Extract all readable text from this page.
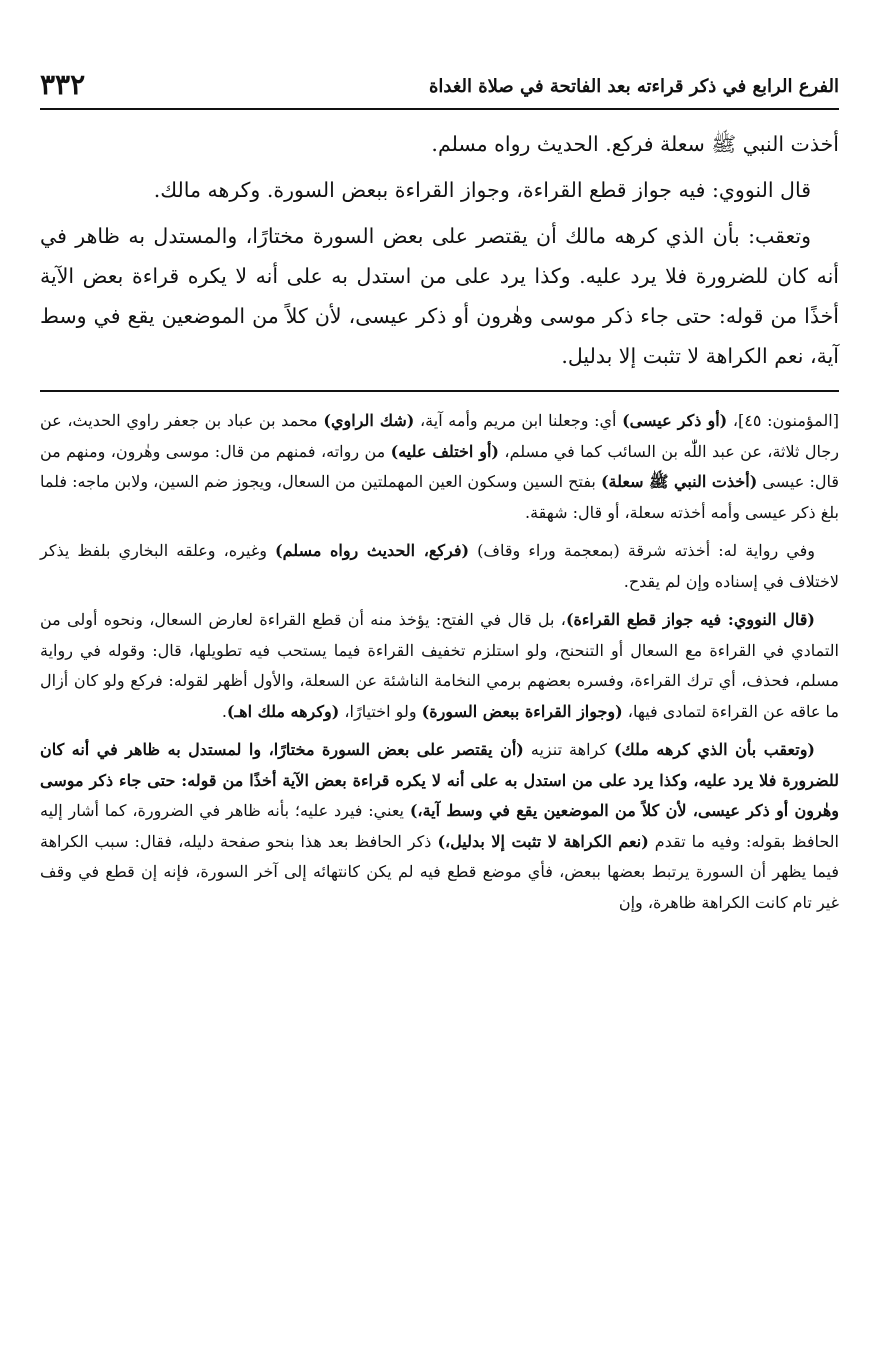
الفرع الرابع في ذكر قراءته بعد الفاتحة في صلاة الغداة
٣٣٢

أخذت النبي ﷺ سعلة فركع. الحديث رواه مسلم.

قال النووي: فيه جواز قطع القراءة، وجواز القراءة ببعض السورة. وكرهه مالك.

وتعقب: بأن الذي كرهه مالك أن يقتصر على بعض السورة مختارًا، والمستدل به ظاهر في أنه كان للضرورة فلا يرد عليه. وكذا يرد على من استدل به على أنه لا يكره قراءة بعض الآية أخذًا من قوله: حتى جاء ذكر موسى وهٰرون أو ذكر عيسى، لأن كلاً من الموضعين يقع في وسط آية، نعم الكراهة لا تثبت إلا بدليل.

[المؤمنون: ٤٥]، (أو ذكر عيسى) أي: وجعلنا ابن مريم وأمه آية، (شك الراوي) محمد بن عباد بن جعفر راوي الحديث، عن رجال ثلاثة، عن عبد اللّٰه بن السائب كما في مسلم، (أو اختلف عليه) من رواته، فمنهم من قال: موسى وهٰرون، ومنهم من قال: عيسى (أخذت النبي ﷺ سعلة) بفتح السين وسكون العين المهملتين من السعال، ويجوز ضم السين، ولابن ماجه: فلما بلغ ذكر عيسى وأمه أخذته سعلة، أو قال: شهقة.

وفي رواية له: أخذته شرقة (بمعجمة وراء وقاف) (فركع، الحديث رواه مسلم) وغيره، وعلقه البخاري بلفظ يذكر لاختلاف في إسناده وإن لم يقدح.

(قال النووي: فيه جواز قطع القراءة)، بل قال في الفتح: يؤخذ منه أن قطع القراءة لعارض السعال، ونحوه أولى من التمادي في القراءة مع السعال أو التنحنح، ولو استلزم تخفيف القراءة فيما يستحب فيه تطويلها، قال: وقوله في رواية مسلم، فحذف، أي ترك القراءة، وفسره بعضهم برمي النخامة الناشئة عن السعلة، والأول أظهر لقوله: فركع ولو كان أزال ما عاقه عن القراءة لتمادى فيها، (وجواز القراءة ببعض السورة) ولو اختيارًا، (وكرهه ملك اهـ).

(وتعقب بأن الذي كرهه ملك) كراهة تنزيه (أن يقتصر على بعض السورة مختارًا، وا لمستدل به ظاهر في أنه كان للضرورة فلا يرد عليه، وكذا يرد على من استدل به على أنه لا يكره قراءة بعض الآية أخذًا من قوله: حتى جاء ذكر موسى وهٰرون أو ذكر عيسى، لأن كلاً من الموضعين يقع في وسط آية،) يعني: فيرد عليه؛ بأنه ظاهر في الضرورة، كما أشار إليه الحافظ بقوله: وفيه ما تقدم (نعم الكراهة لا تثبت إلا بدليل،) ذكر الحافظ بعد هذا بنحو صفحة دليله، فقال: سبب الكراهة فيما يظهر أن السورة يرتبط بعضها ببعض، فأي موضع قطع فيه لم يكن كانتهائه إلى آخر السورة، فإنه إن قطع في وقف غير تام كانت الكراهة ظاهرة، وإن
